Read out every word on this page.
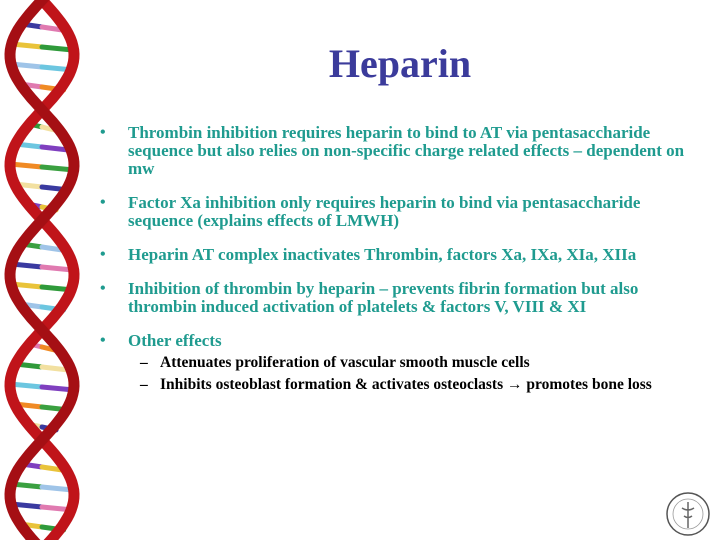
Heparin
• Thrombin inhibition requires heparin to bind to AT via pentasaccharide sequence but also relies on non-specific charge related effects – dependent on mw
• Factor Xa inhibition only requires heparin to bind via pentasaccharide sequence (explains effects of LMWH)
• Heparin AT complex inactivates Thrombin, factors Xa, IXa, XIa, XIIa
• Inhibition of thrombin by heparin – prevents fibrin formation but also thrombin induced activation of platelets & factors V, VIII & XI
• Other effects
– Attenuates proliferation of vascular smooth muscle cells
– Inhibits osteoblast formation & activates osteoclasts → promotes bone loss
